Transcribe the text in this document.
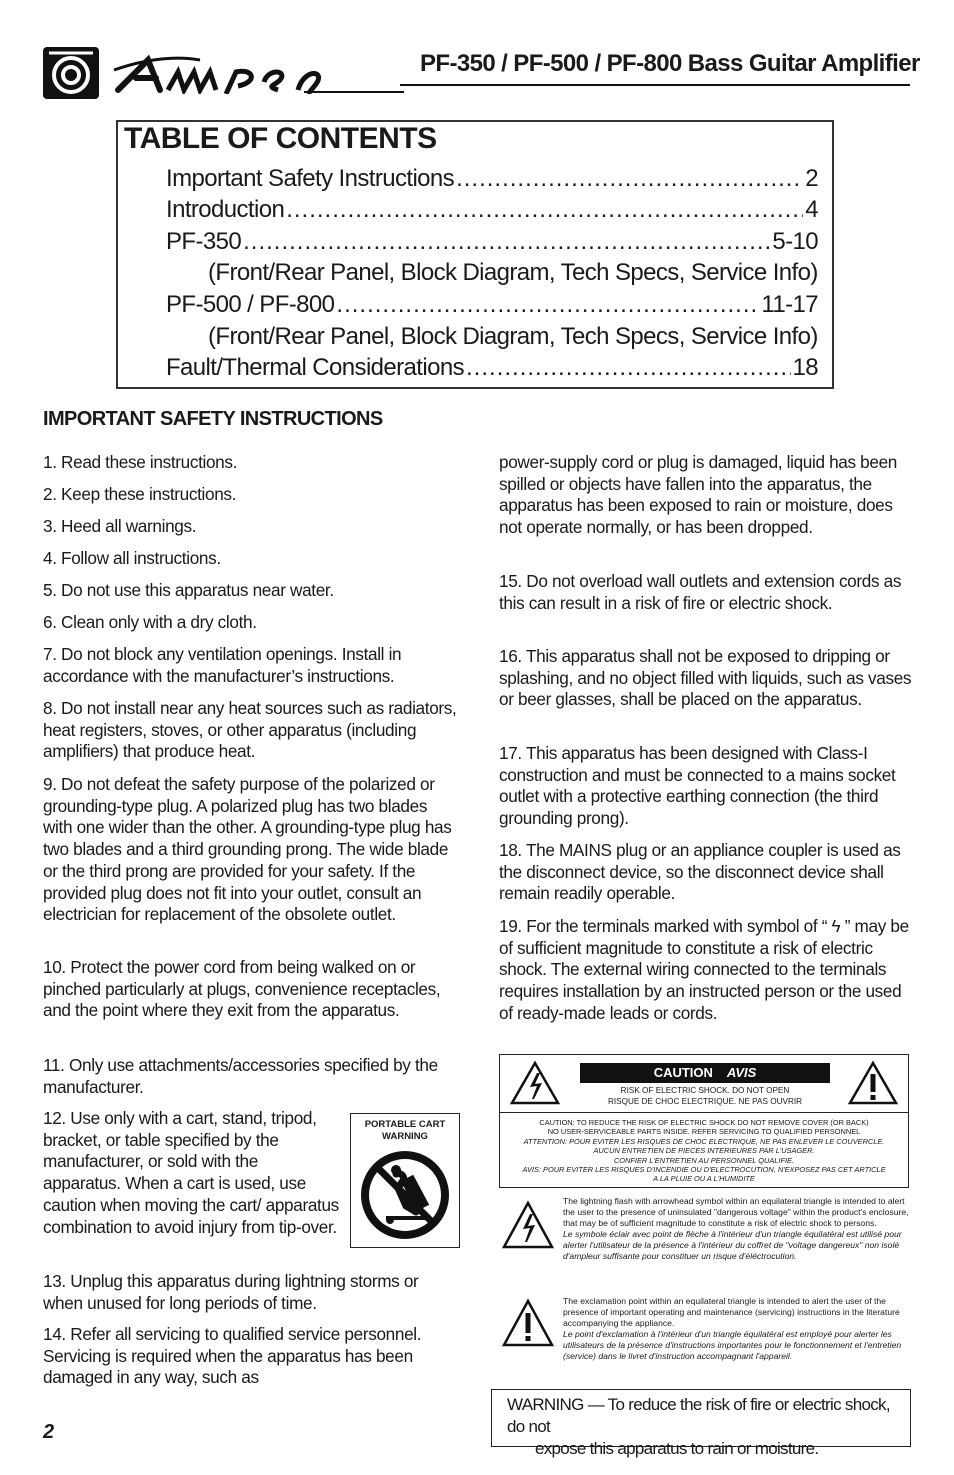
PF-350 / PF-500 / PF-800 Bass Guitar Amplifier
TABLE OF CONTENTS
Important Safety Instructions .....	2
Introduction .....	4
PF-350 .....	5-10
(Front/Rear Panel, Block Diagram, Tech Specs, Service Info)
PF-500 / PF-800 .....	11-17
(Front/Rear Panel, Block Diagram, Tech Specs, Service Info)
Fault/Thermal Considerations .....	18
IMPORTANT SAFETY INSTRUCTIONS
1. Read these instructions.
2. Keep these instructions.
3. Heed all warnings.
4. Follow all instructions.
5. Do not use this apparatus near water.
6. Clean only with a dry cloth.
7. Do not block any ventilation openings. Install in accordance with the manufacturer’s instructions.
8. Do not install near any heat sources such as radiators, heat registers, stoves, or other apparatus (including amplifiers) that produce heat.
9. Do not defeat the safety purpose of the polarized or grounding-type plug. A polarized plug has two blades with one wider than the other. A grounding-type plug has two blades and a third grounding prong. The wide blade or the third prong are provided for your safety. If the provided plug does not fit into your outlet, consult an electrician for replacement of the obsolete outlet.
10. Protect the power cord from being walked on or pinched particularly at plugs, convenience receptacles, and the point where they exit from the apparatus.
11. Only use attachments/accessories specified by the manufacturer.
12. Use only with a cart, stand, tripod, bracket, or table specified by the manufacturer, or sold with the apparatus. When a cart is used, use caution when moving the cart/ apparatus combination to avoid injury from tip-over.
13. Unplug this apparatus during lightning storms or when unused for long periods of time.
14. Refer all servicing to qualified service personnel. Servicing is required when the apparatus has been damaged in any way, such as
PORTABLE CART
WARNING
power-supply cord or plug is damaged, liquid has been spilled or objects have fallen into the apparatus, the apparatus has been exposed to rain or moisture, does not operate normally, or has been dropped.
15. Do not overload wall outlets and extension cords as this can result in a risk of fire or electric shock.
16. This apparatus shall not be exposed to dripping or splashing, and no object filled with liquids, such as vases or beer glasses, shall be placed on the apparatus.
17. This apparatus has been designed with Class-I construction and must be connected to a mains socket outlet with a protective earthing connection (the third grounding prong).
18. The MAINS plug or an appliance coupler is used as the disconnect device, so the disconnect device shall remain readily operable.
19. For the terminals marked with symbol of “ ϟ ” may be of sufficient magnitude to constitute a risk of electric shock. The external wiring connected to the terminals requires installation by an instructed person or the used of ready-made leads or cords.
CAUTION AVIS
RISK OF ELECTRIC SHOCK. DO NOT OPEN
RISQUE DE CHOC ELECTRIQUE. NE PAS OUVRIR
CAUTION: TO REDUCE THE RISK OF ELECTRIC SHOCK DO NOT REMOVE COVER (OR BACK)
NO USER-SERVICEABLE PARTS INSIDE. REFER SERVICING TO QUALIFIED PERSONNEL
ATTENTION: POUR EVITER LES RISQUES DE CHOC ELECTRIQUE, NE PAS ENLEVER LE COUVERCLE.
AUCUN ENTRETIEN DE PIECES INTERIEURES PAR L'USAGER.
CONFIER L'ENTRETIEN AU PERSONNEL QUALIFIE.
AVIS: POUR EVITER LES RISQUES D'INCENDIE OU D'ELECTROCUTION, N'EXPOSEZ PAS CET ARTICLE
A LA PLUIE OU A L'HUMIDITE
The lightning flash with arrowhead symbol within an equilateral triangle is intended to alert the user to the presence of uninsulated "dangerous voltage" within the product's enclosure, that may be of sufficient magnitude to constitute a risk of electric shock to persons.
Le symbole éclair avec point de flèche à l'intérieur d'un triangle équilatéral est utilisé pour alerter l'utilisateur de la présence à l'intérieur du coffret de "voltage dangereux" non isolé d'ampleur suffisante pour constituer un risque d'éléctrocution.
The exclamation point within an equilateral triangle is intended to alert the user of the presence of important operating and maintenance (servicing) instructions in the literature accompanying the appliance.
Le point d'exclamation à l'intérieur d'un triangle équilatéral est employé pour alerter les utilisateurs de la présence d'instructions importantes pour le fonctionnement et l'entretien (service) dans le livret d'instruction accompagnant l'appareil.
WARNING — To reduce the risk of fire or electric shock, do not
expose this apparatus to rain or moisture.
2
